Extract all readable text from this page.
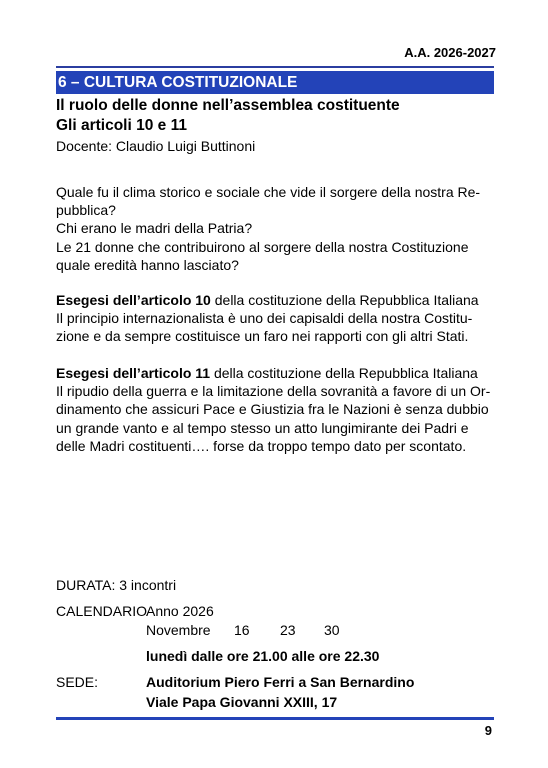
A.A. 2026-2027
6 – CULTURA COSTITUZIONALE
Il ruolo delle donne nell’assemblea costituente
Gli articoli 10 e 11
Docente: Claudio Luigi Buttinoni

Quale fu il clima storico e sociale che vide il sorgere della nostra Re-

pubblica?

Chi erano le madri della Patria?

Le 21 donne che contribuirono al sorgere della nostra Costituzione

quale eredità hanno lasciato?

Esegesi dell’articolo 10 della costituzione della Repubblica Italiana

Il principio internazionalista è uno dei capisaldi della nostra Costitu-

zione e da sempre costituisce un faro nei rapporti con gli altri Stati.

Esegesi dell’articolo 11 della costituzione della Repubblica Italiana

Il ripudio della guerra e la limitazione della sovranità a favore di un Or-

dinamento che assicuri Pace e Giustizia fra le Nazioni è senza dubbio

un grande vanto e al tempo stesso un atto lungimirante dei Padri e

delle Madri costituenti…. forse da troppo tempo dato per scontato.

DURATA: 3 incontri
CALENDARIO
Anno 2026
Novembre 16 23 30
lunedì dalle ore 21.00 alle ore 22.30
SEDE:	Auditorium Piero Ferri a San Bernardino
Viale Papa Giovanni XXIII, 17
9
